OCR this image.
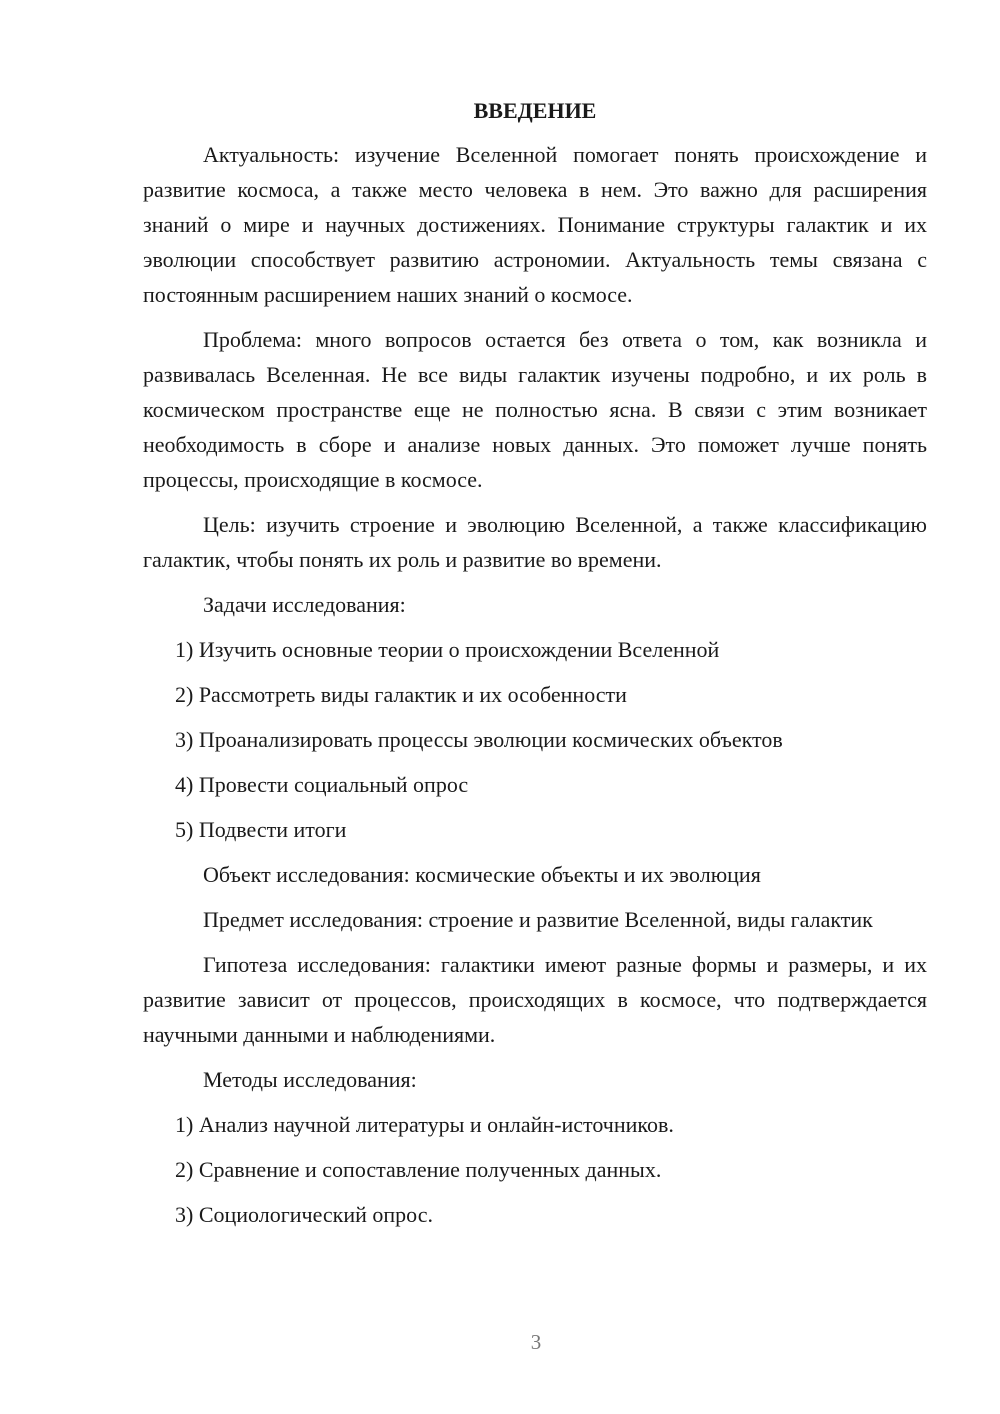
ВВЕДЕНИЕ

Актуальность: изучение Вселенной помогает понять происхождение и развитие космоса, а также место человека в нем. Это важно для расширения знаний о мире и научных достижениях. Понимание структуры галактик и их эволюции способствует развитию астрономии. Актуальность темы связана с постоянным расширением наших знаний о космосе.

Проблема: много вопросов остается без ответа о том, как возникла и развивалась Вселенная. Не все виды галактик изучены подробно, и их роль в космическом пространстве еще не полностью ясна. В связи с этим возникает необходимость в сборе и анализе новых данных. Это поможет лучше понять процессы, происходящие в космосе.

Цель: изучить строение и эволюцию Вселенной, а также классификацию галактик, чтобы понять их роль и развитие во времени.

Задачи исследования:
1) Изучить основные теории о происхождении Вселенной
2) Рассмотреть виды галактик и их особенности
3) Проанализировать процессы эволюции космических объектов
4) Провести социальный опрос
5) Подвести итоги

Объект исследования: космические объекты и их эволюция

Предмет исследования: строение и развитие Вселенной, виды галактик

Гипотеза исследования: галактики имеют разные формы и размеры, и их развитие зависит от процессов, происходящих в космосе, что подтверждается научными данными и наблюдениями.

Методы исследования:
1) Анализ научной литературы и онлайн-источников.
2) Сравнение и сопоставление полученных данных.
3) Социологический опрос.
3
